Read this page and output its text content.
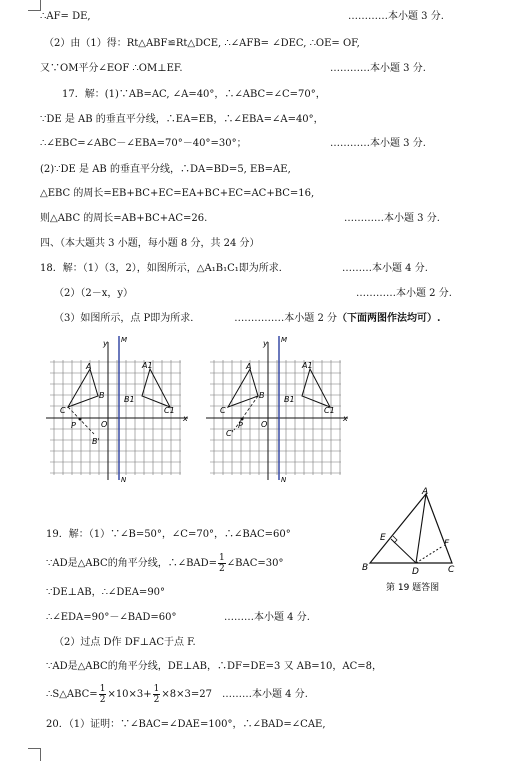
∴AF= DE,	…………本小题 3 分.
（2）由（1）得：Rt△ABF≌Rt△DCE, ∴∠AFB= ∠DEC, ∴OE= OF,
又∵OM平分∠EOF ∴OM⊥EF.	…………本小题 3 分.
17．解：(1)∵AB=AC, ∠A=40°，∴∠ABC=∠C=70°，
∵DE 是 AB 的垂直平分线，∴EA=EB，∴∠EBA=∠A=40°，
∴∠EBC=∠ABC－∠EBA=70°－40°=30°；	…………本小题 3 分.
(2)∵DE 是 AB 的垂直平分线，∴DA=BD=5, EB=AE,
△EBC 的周长=EB+BC+EC=EA+BC+EC=AC+BC=16,
则△ABC 的周长=AB+BC+AC=26.	…………本小题 3 分.
四、（本大题共 3 小题，每小题 8 分，共 24 分）
18．解：（1）（3，2），如图所示，△A₁B₁C₁即为所求．	………本小题 4 分.
（2）（2－x，y）	…………本小题 2 分.
（3）如图所示，点 P即为所求．	……………本小题 2 分（下面两图作法均可）.
A	A1
B B1
C	C1
O
P
B'
x
y M
N
A	A1
B B1
C	C1
O
P
C'
x
y M
N
A
B	C
D
E
F
第 19 题答图
19．解：（1）∵∠B=50°，∠C=70°，∴∠BAC=60°
∵AD是△ABC的角平分线，∴∠BAD= $\frac{1}{2}$ ∠BAC=30°
∵DE⊥AB，∴∠DEA=90°
∴∠EDA=90°－∠BAD=60°	………本小题 4 分.
（2）过点 D作 DF⊥AC于点 F.
∵AD是△ABC的角平分线，DE⊥AB，∴DF=DE=3 又 AB=10，AC=8，
∴S△ABC= $\frac{1}{2} \times 10\times 3+ \frac{1}{2} \times 8\times 3=27$ ………本小题 4 分.
20．（1）证明：∵∠BAC=∠DAE=100°，∴∠BAD=∠CAE,
